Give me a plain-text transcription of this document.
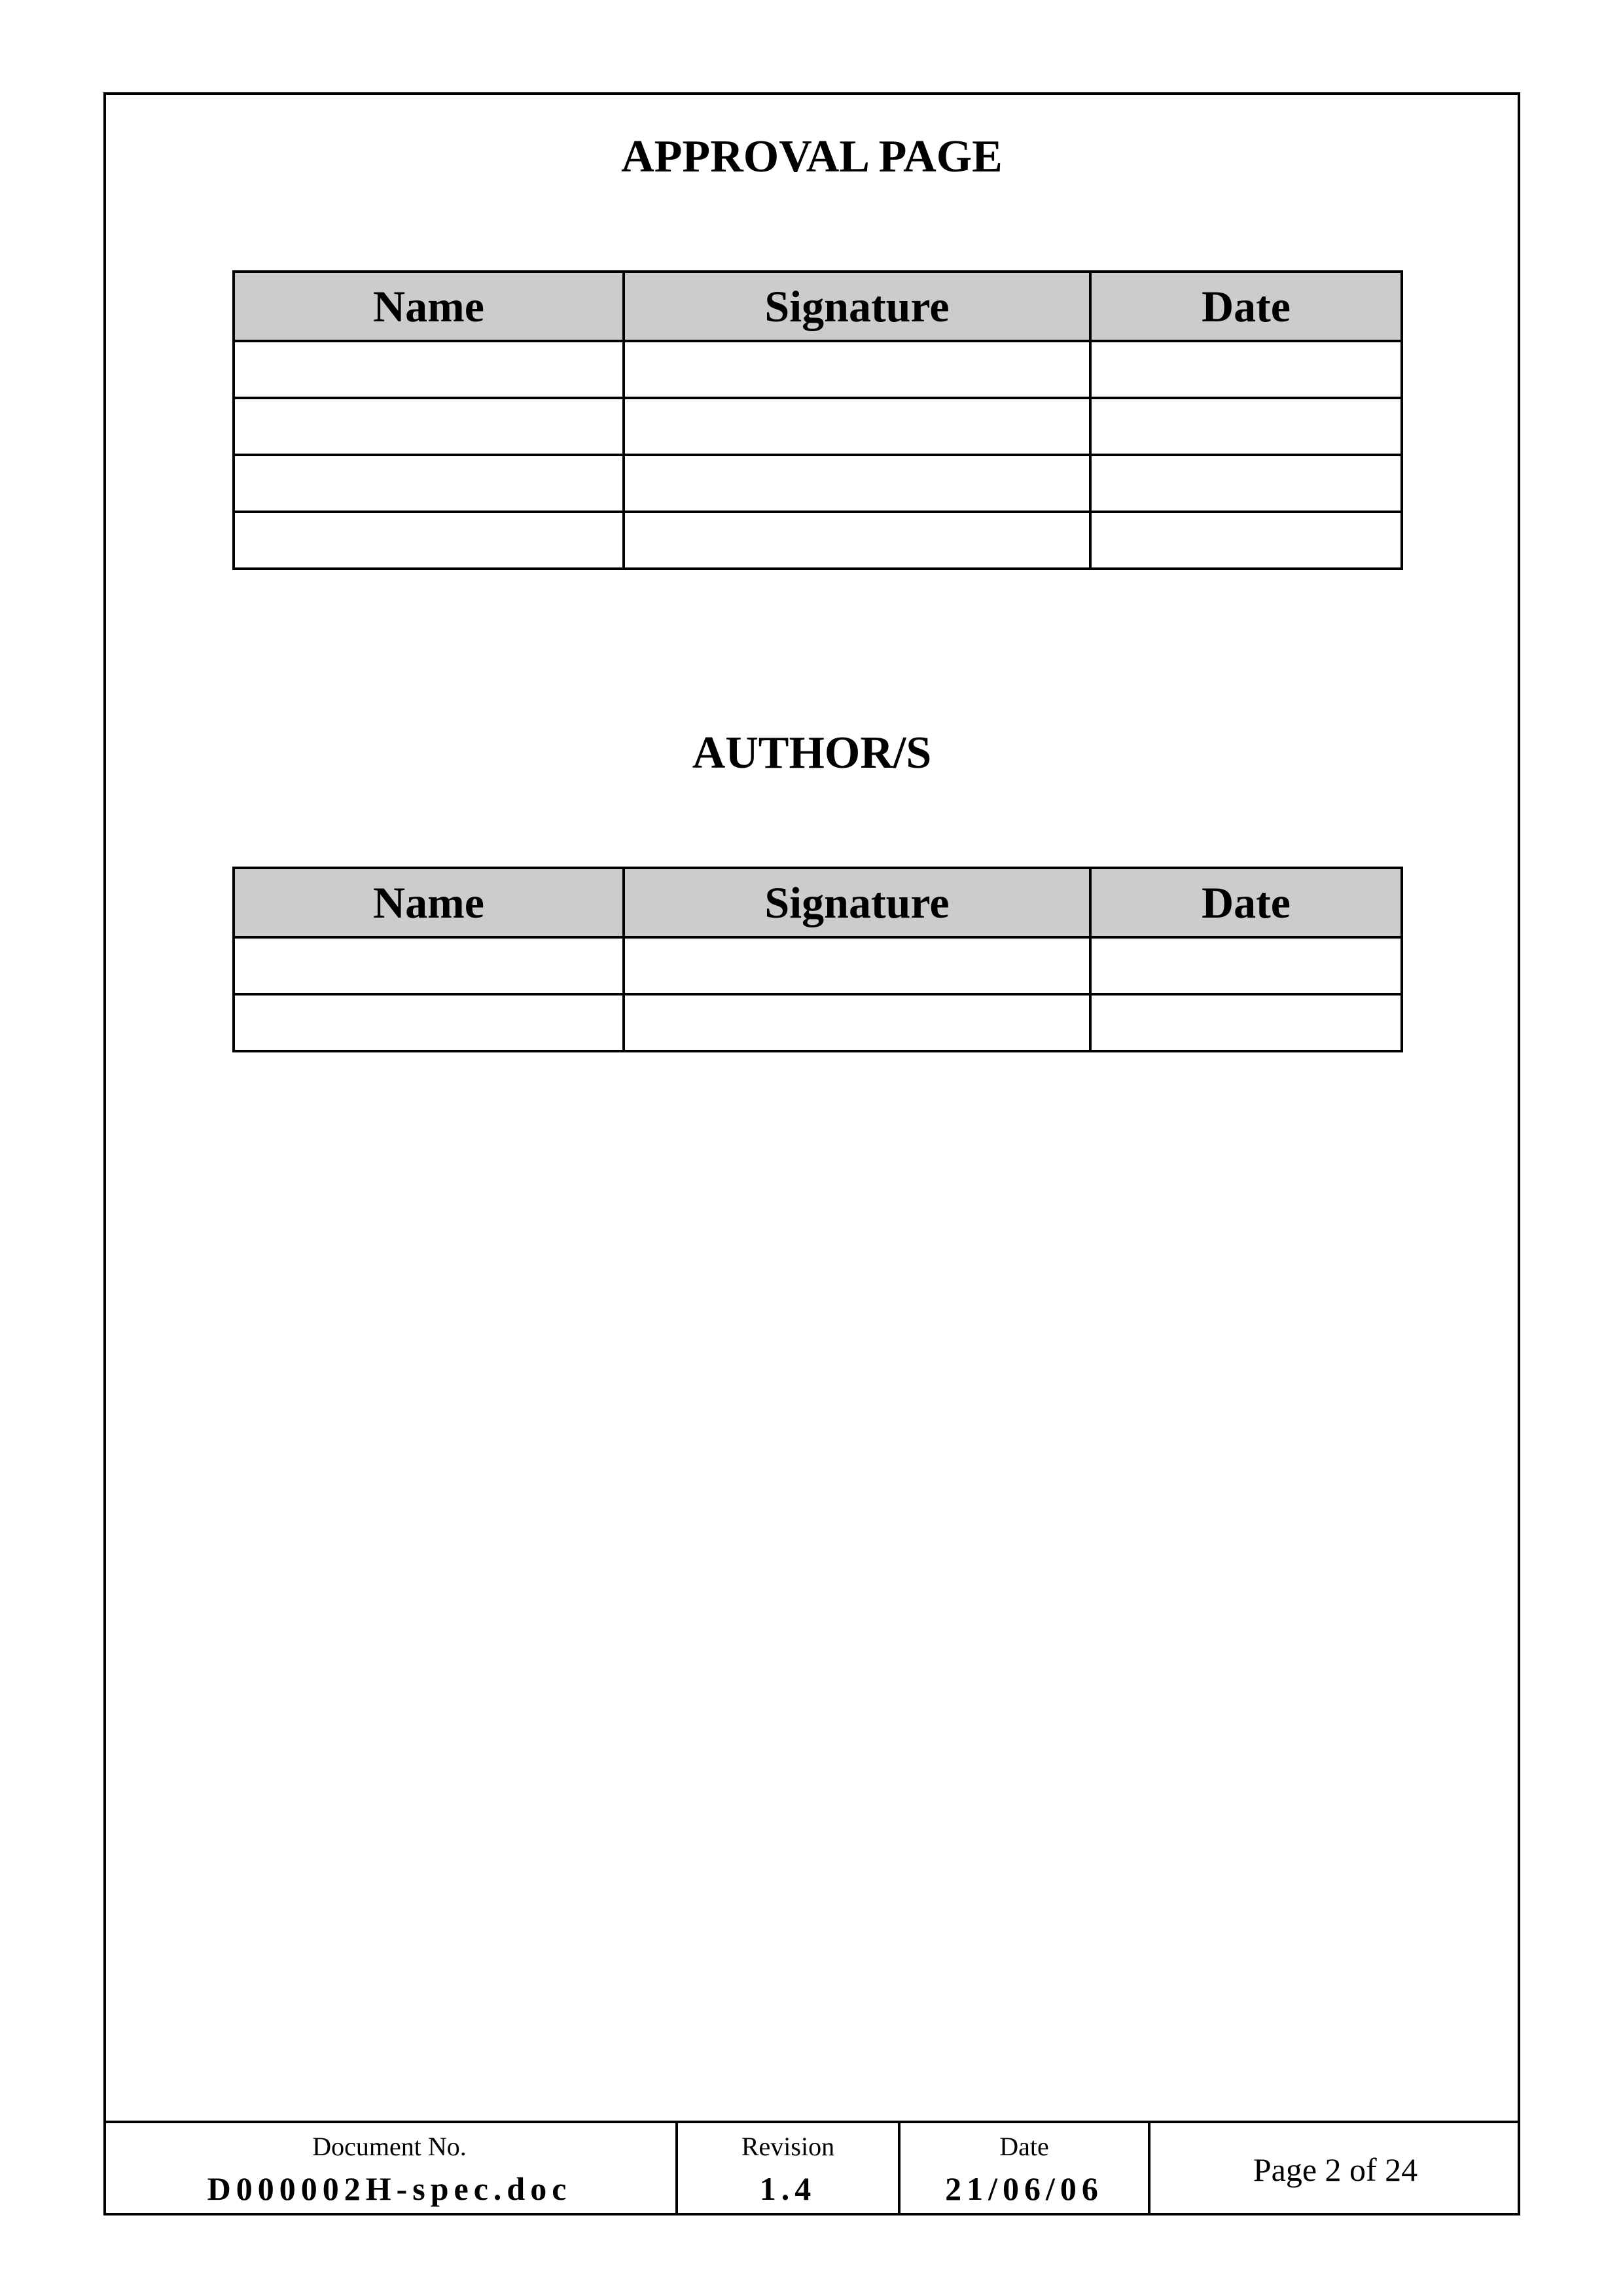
APPROVAL PAGE
Name	Signature	Date

AUTHOR/S
Name	Signature	Date

Document No.
D000002H-spec.doc
Revision
1.4
Date
21/06/06
Page 2 of 24
